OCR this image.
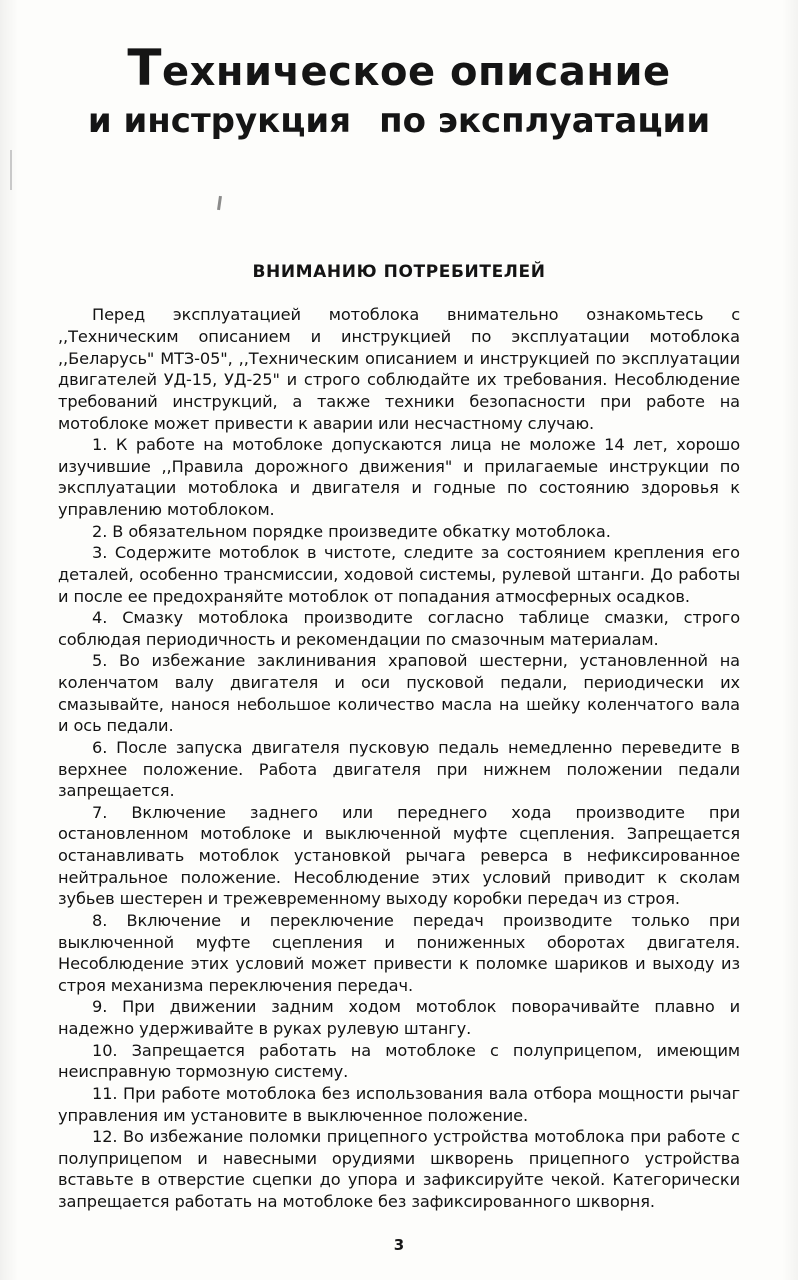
Техническое описание
и инструкция по эксплуатации
ВНИМАНИЮ ПОТРЕБИТЕЛЕЙ

Перед эксплуатацией мотоблока внимательно ознакомьтесь с ,,Техническим описанием и инструкцией по эксплуатации мотоблока ,,Беларусь" МТЗ-05", ,,Техническим описанием и инструкцией по эксплуатации двигателей УД-15, УД-25" и строго соблюдайте их требования. Несоблюдение требований инструкций, а также техники безопасности при работе на мотоблоке может привести к аварии или несчастному случаю.

1. К работе на мотоблоке допускаются лица не моложе 14 лет, хорошо изучившие ,,Правила дорожного движения" и прилагаемые инструкции по эксплуатации мотоблока и двигателя и годные по состоянию здоровья к управлению мотоблоком.

2. В обязательном порядке произведите обкатку мотоблока.

3. Содержите мотоблок в чистоте, следите за состоянием крепления его деталей, особенно трансмиссии, ходовой системы, рулевой штанги. До работы и после ее предохраняйте мотоблок от попадания атмосферных осадков.

4. Смазку мотоблока производите согласно таблице смазки, строго соблюдая периодичность и рекомендации по смазочным материалам.

5. Во избежание заклинивания храповой шестерни, установленной на коленчатом валу двигателя и оси пусковой педали, периодически их смазывайте, нанося небольшое количество масла на шейку коленчатого вала и ось педали.

6. После запуска двигателя пусковую педаль немедленно переведите в верхнее положение. Работа двигателя при нижнем положении педали запрещается.

7. Включение заднего или переднего хода производите при остановленном мотоблоке и выключенной муфте сцепления. Запрещается останавливать мотоблок установкой рычага реверса в нефиксированное нейтральное положение. Несоблюдение этих условий приводит к сколам зубьев шестерен и трежевременному выходу коробки передач из строя.

8. Включение и переключение передач производите только при выключенной муфте сцепления и пониженных оборотах двигателя. Несоблюдение этих условий может привести к поломке шариков и выходу из строя механизма переключения передач.

9. При движении задним ходом мотоблок поворачивайте плавно и надежно удерживайте в руках рулевую штангу.

10. Запрещается работать на мотоблоке с полуприцепом, имеющим неисправную тормозную систему.

11. При работе мотоблока без использования вала отбора мощности рычаг управления им установите в выключенное положение.

12. Во избежание поломки прицепного устройства мотоблока при работе с полуприцепом и навесными орудиями шкворень прицепного устройства вставьте в отверстие сцепки до упора и зафиксируйте чекой. Категорически запрещается работать на мотоблоке без зафиксированного шкворня.

3
